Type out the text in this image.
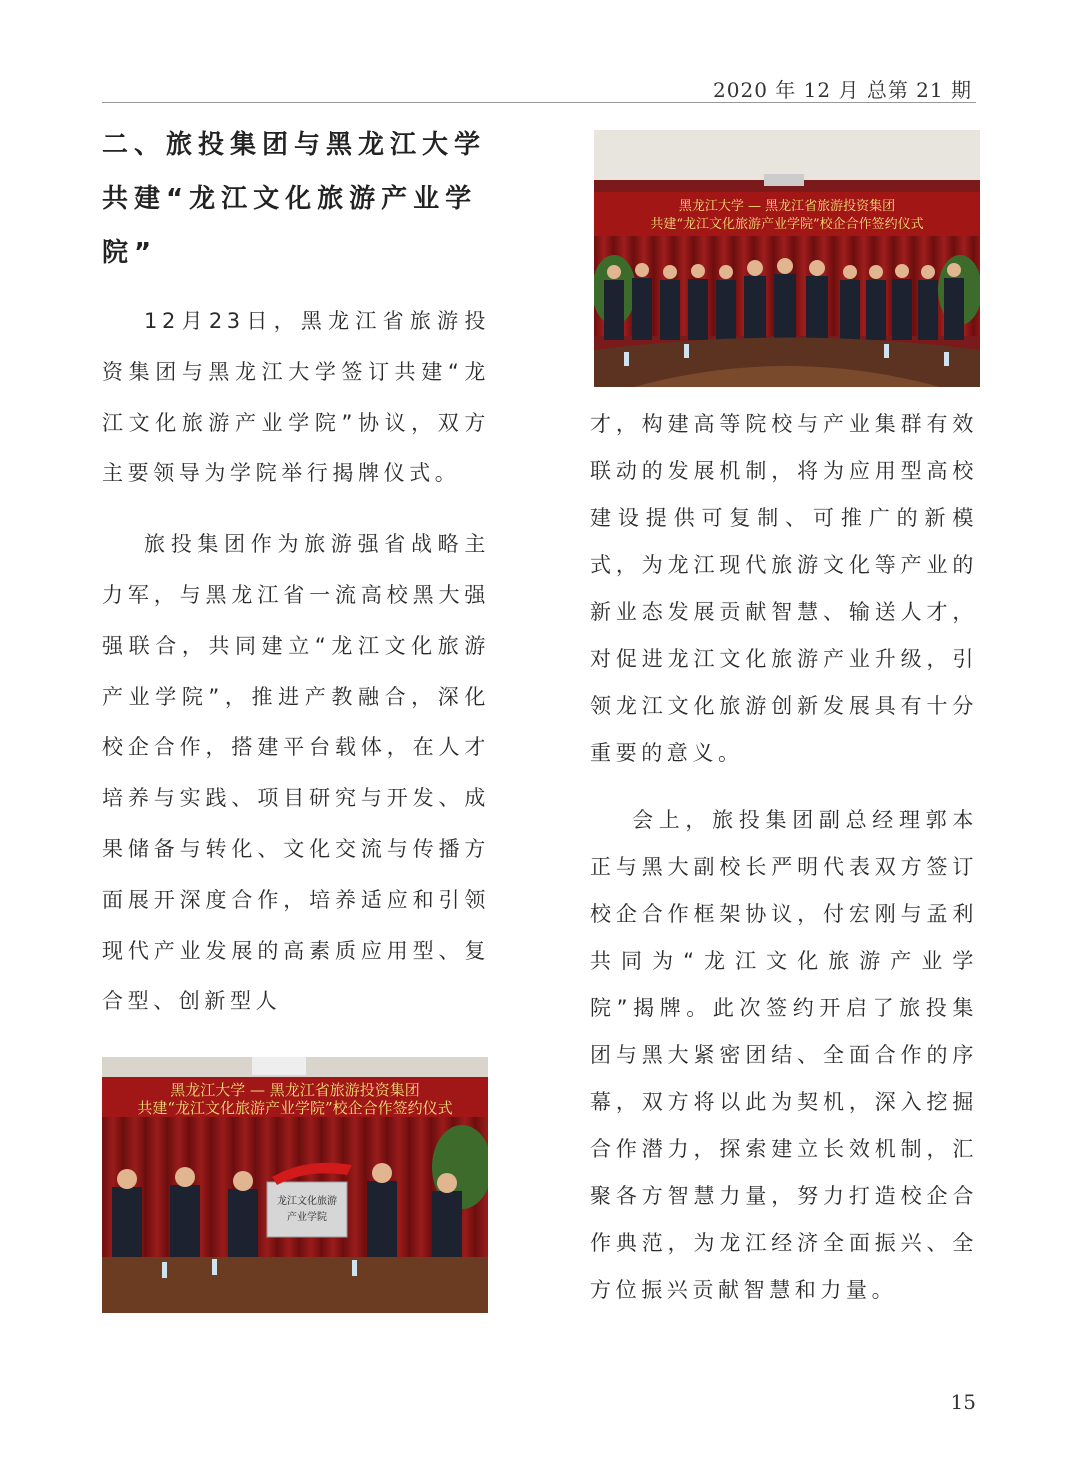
2020 年 12 月 总第 21 期
二、旅投集团与黑龙江大学共建“龙江文化旅游产业学院”

12月23日，黑龙江省旅游投资集团与黑龙江大学签订共建“龙江文化旅游产业学院”协议，双方主要领导为学院举行揭牌仪式。

旅投集团作为旅游强省战略主力军，与黑龙江省一流高校黑大强强联合，共同建立“龙江文化旅游产业学院”，推进产教融合，深化校企合作，搭建平台载体，在人才培养与实践、项目研究与开发、成果储备与转化、文化交流与传播方面展开深度合作，培养适应和引领现代产业发展的高素质应用型、复合型、创新型人

黑龙江大学 — 黑龙江省旅游投资集团
共建“龙江文化旅游产业学院”校企合作签约仪式
龙江文化旅游
产业学院
黑龙江大学 — 黑龙江省旅游投资集团
共建“龙江文化旅游产业学院”校企合作签约仪式

才，构建高等院校与产业集群有效联动的发展机制，将为应用型高校建设提供可复制、可推广的新模式，为龙江现代旅游文化等产业的新业态发展贡献智慧、输送人才，对促进龙江文化旅游产业升级，引领龙江文化旅游创新发展具有十分重要的意义。

会上，旅投集团副总经理郭本正与黑大副校长严明代表双方签订校企合作框架协议，付宏刚与孟利共同为“龙江文化旅游产业学院”揭牌。此次签约开启了旅投集团与黑大紧密团结、全面合作的序幕，双方将以此为契机，深入挖掘合作潜力，探索建立长效机制，汇聚各方智慧力量，努力打造校企合作典范，为龙江经济全面振兴、全方位振兴贡献智慧和力量。

15
